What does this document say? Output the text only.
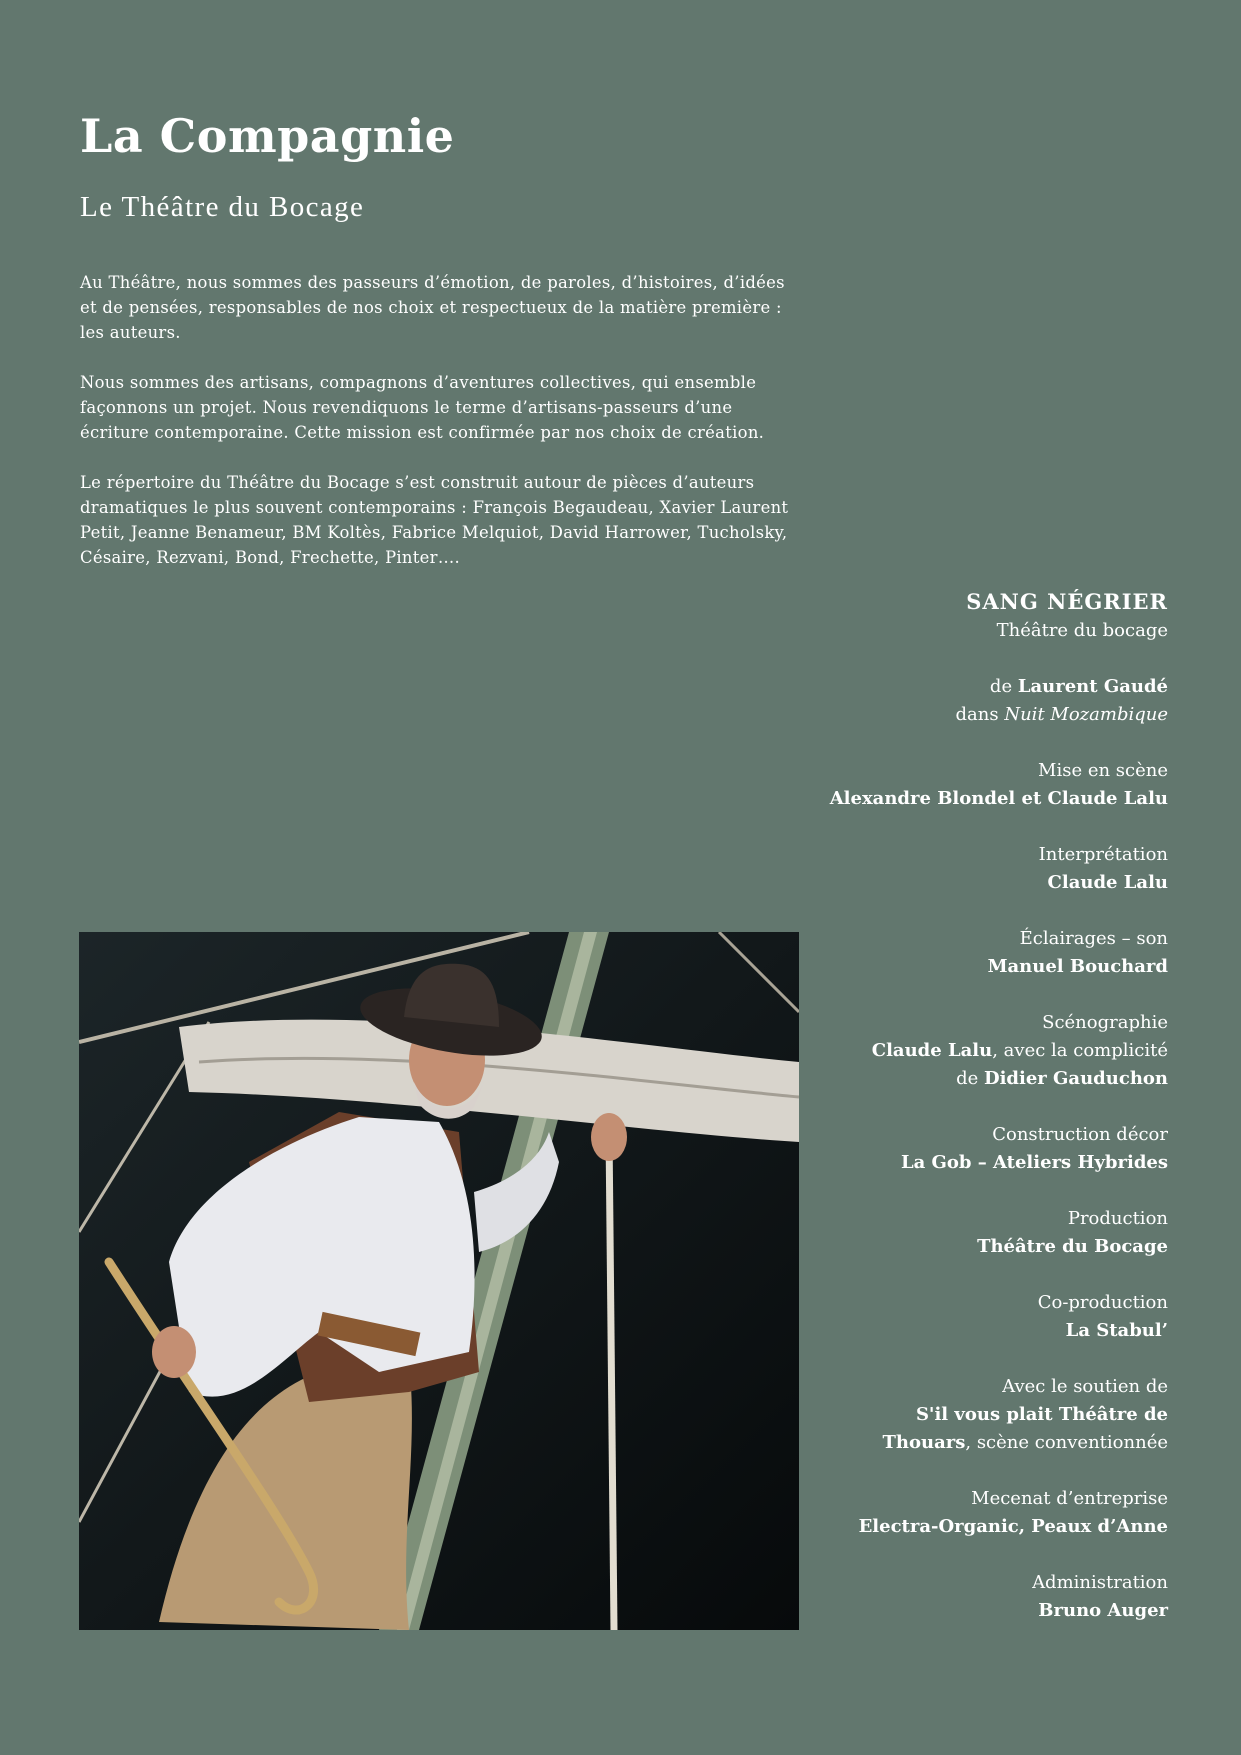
La Compagnie
Le Théâtre du Bocage

Au Théâtre, nous sommes des passeurs d’émotion, de paroles, d’histoires, d’idées et de pensées, responsables de nos choix et respectueux de la matière première : les auteurs.

Nous sommes des artisans, compagnons d’aventures collectives, qui ensemble façonnons un projet. Nous revendiquons le terme d’artisans-passeurs d’une écriture contemporaine. Cette mission est confirmée par nos choix de création.

Le répertoire du Théâtre du Bocage s’est construit autour de pièces d’auteurs dramatiques le plus souvent contemporains : François Begaudeau, Xavier Laurent Petit, Jeanne Benameur, BM Koltès, Fabrice Melquiot, David Harrower, Tucholsky, Césaire, Rezvani, Bond, Frechette, Pinter….

SANG NÉGRIER
Théâtre du bocage
de Laurent Gaudé
dans Nuit Mozambique
Mise en scène
Alexandre Blondel et Claude Lalu
Interprétation
Claude Lalu
Éclairages – son
Manuel Bouchard
Scénographie
Claude Lalu, avec la complicité
de Didier Gauduchon
Construction décor
La Gob – Ateliers Hybrides
Production
Théâtre du Bocage
Co-production
La Stabul’
Avec le soutien de
S'il vous plait Théâtre de
Thouars, scène conventionnée
Mecenat d’entreprise
Electra-Organic, Peaux d’Anne
Administration
Bruno Auger
